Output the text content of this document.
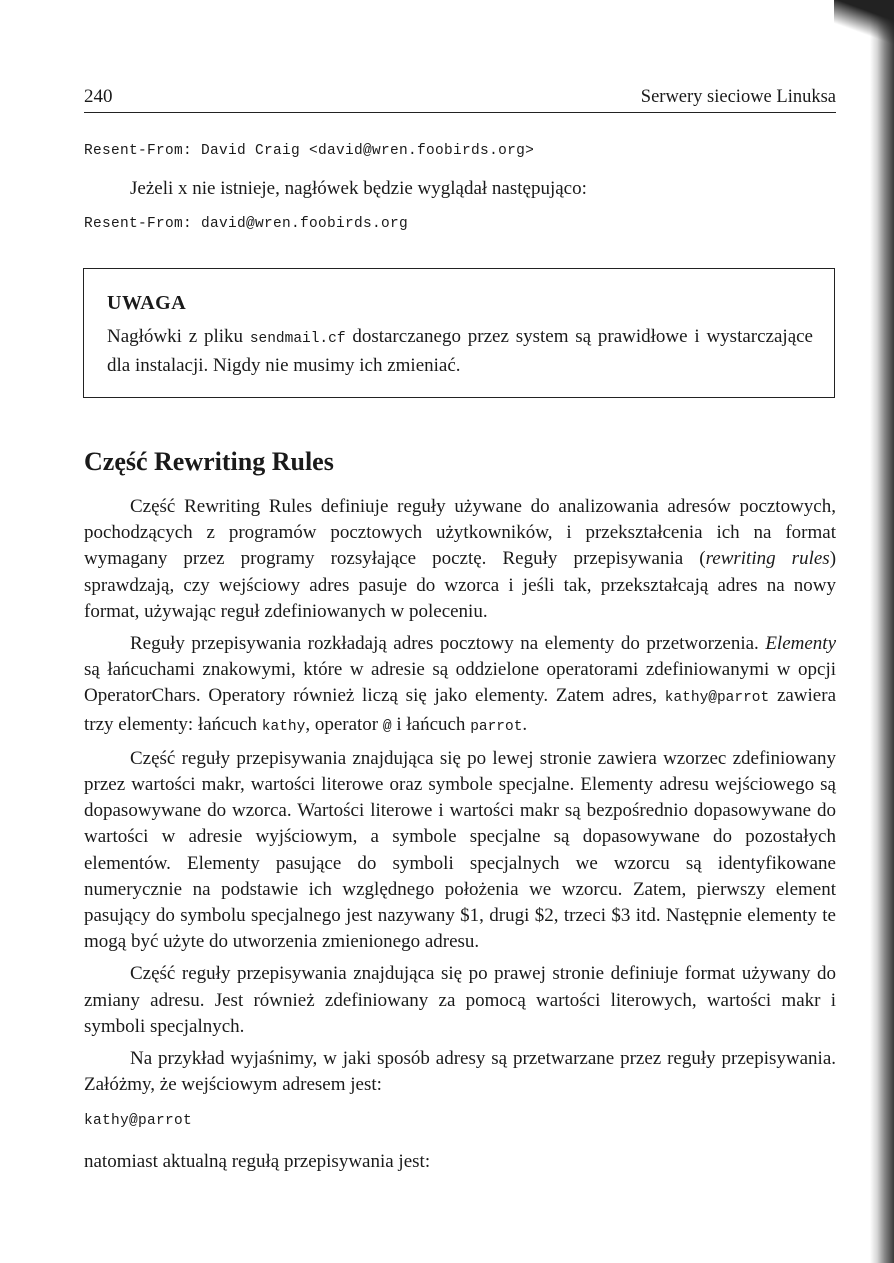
240	Serwery sieciowe Linuksa
Resent-From: David Craig <david@wren.foobirds.org>
Jeżeli x nie istnieje, nagłówek będzie wyglądał następująco:
Resent-From: david@wren.foobirds.org
UWAGA
Nagłówki z pliku sendmail.cf dostarczanego przez system są prawidłowe i wystarczające dla instalacji. Nigdy nie musimy ich zmieniać.
Część Rewriting Rules

Część Rewriting Rules definiuje reguły używane do analizowania adresów pocztowych, pochodzących z programów pocztowych użytkowników, i przekształcenia ich na format wymagany przez programy rozsyłające pocztę. Reguły przepisywania (rewriting rules) sprawdzają, czy wejściowy adres pasuje do wzorca i jeśli tak, przekształcają adres na nowy format, używając reguł zdefiniowanych w poleceniu.

Reguły przepisywania rozkładają adres pocztowy na elementy do przetworzenia. Elementy są łańcuchami znakowymi, które w adresie są oddzielone operatorami zdefiniowanymi w opcji OperatorChars. Operatory również liczą się jako elementy. Zatem adres, kathy@parrot zawiera trzy elementy: łańcuch kathy, operator @ i łańcuch parrot.

Część reguły przepisywania znajdująca się po lewej stronie zawiera wzorzec zdefiniowany przez wartości makr, wartości literowe oraz symbole specjalne. Elementy adresu wejściowego są dopasowywane do wzorca. Wartości literowe i wartości makr są bezpośrednio dopasowywane do wartości w adresie wyjściowym, a symbole specjalne są dopasowywane do pozostałych elementów. Elementy pasujące do symboli specjalnych we wzorcu są identyfikowane numerycznie na podstawie ich względnego położenia we wzorcu. Zatem, pierwszy element pasujący do symbolu specjalnego jest nazywany $1, drugi $2, trzeci $3 itd. Następnie elementy te mogą być użyte do utworzenia zmienionego adresu.

Część reguły przepisywania znajdująca się po prawej stronie definiuje format używany do zmiany adresu. Jest również zdefiniowany za pomocą wartości literowych, wartości makr i symboli specjalnych.

Na przykład wyjaśnimy, w jaki sposób adresy są przetwarzane przez reguły przepisywania. Załóżmy, że wejściowym adresem jest:

kathy@parrot

natomiast aktualną regułą przepisywania jest:
